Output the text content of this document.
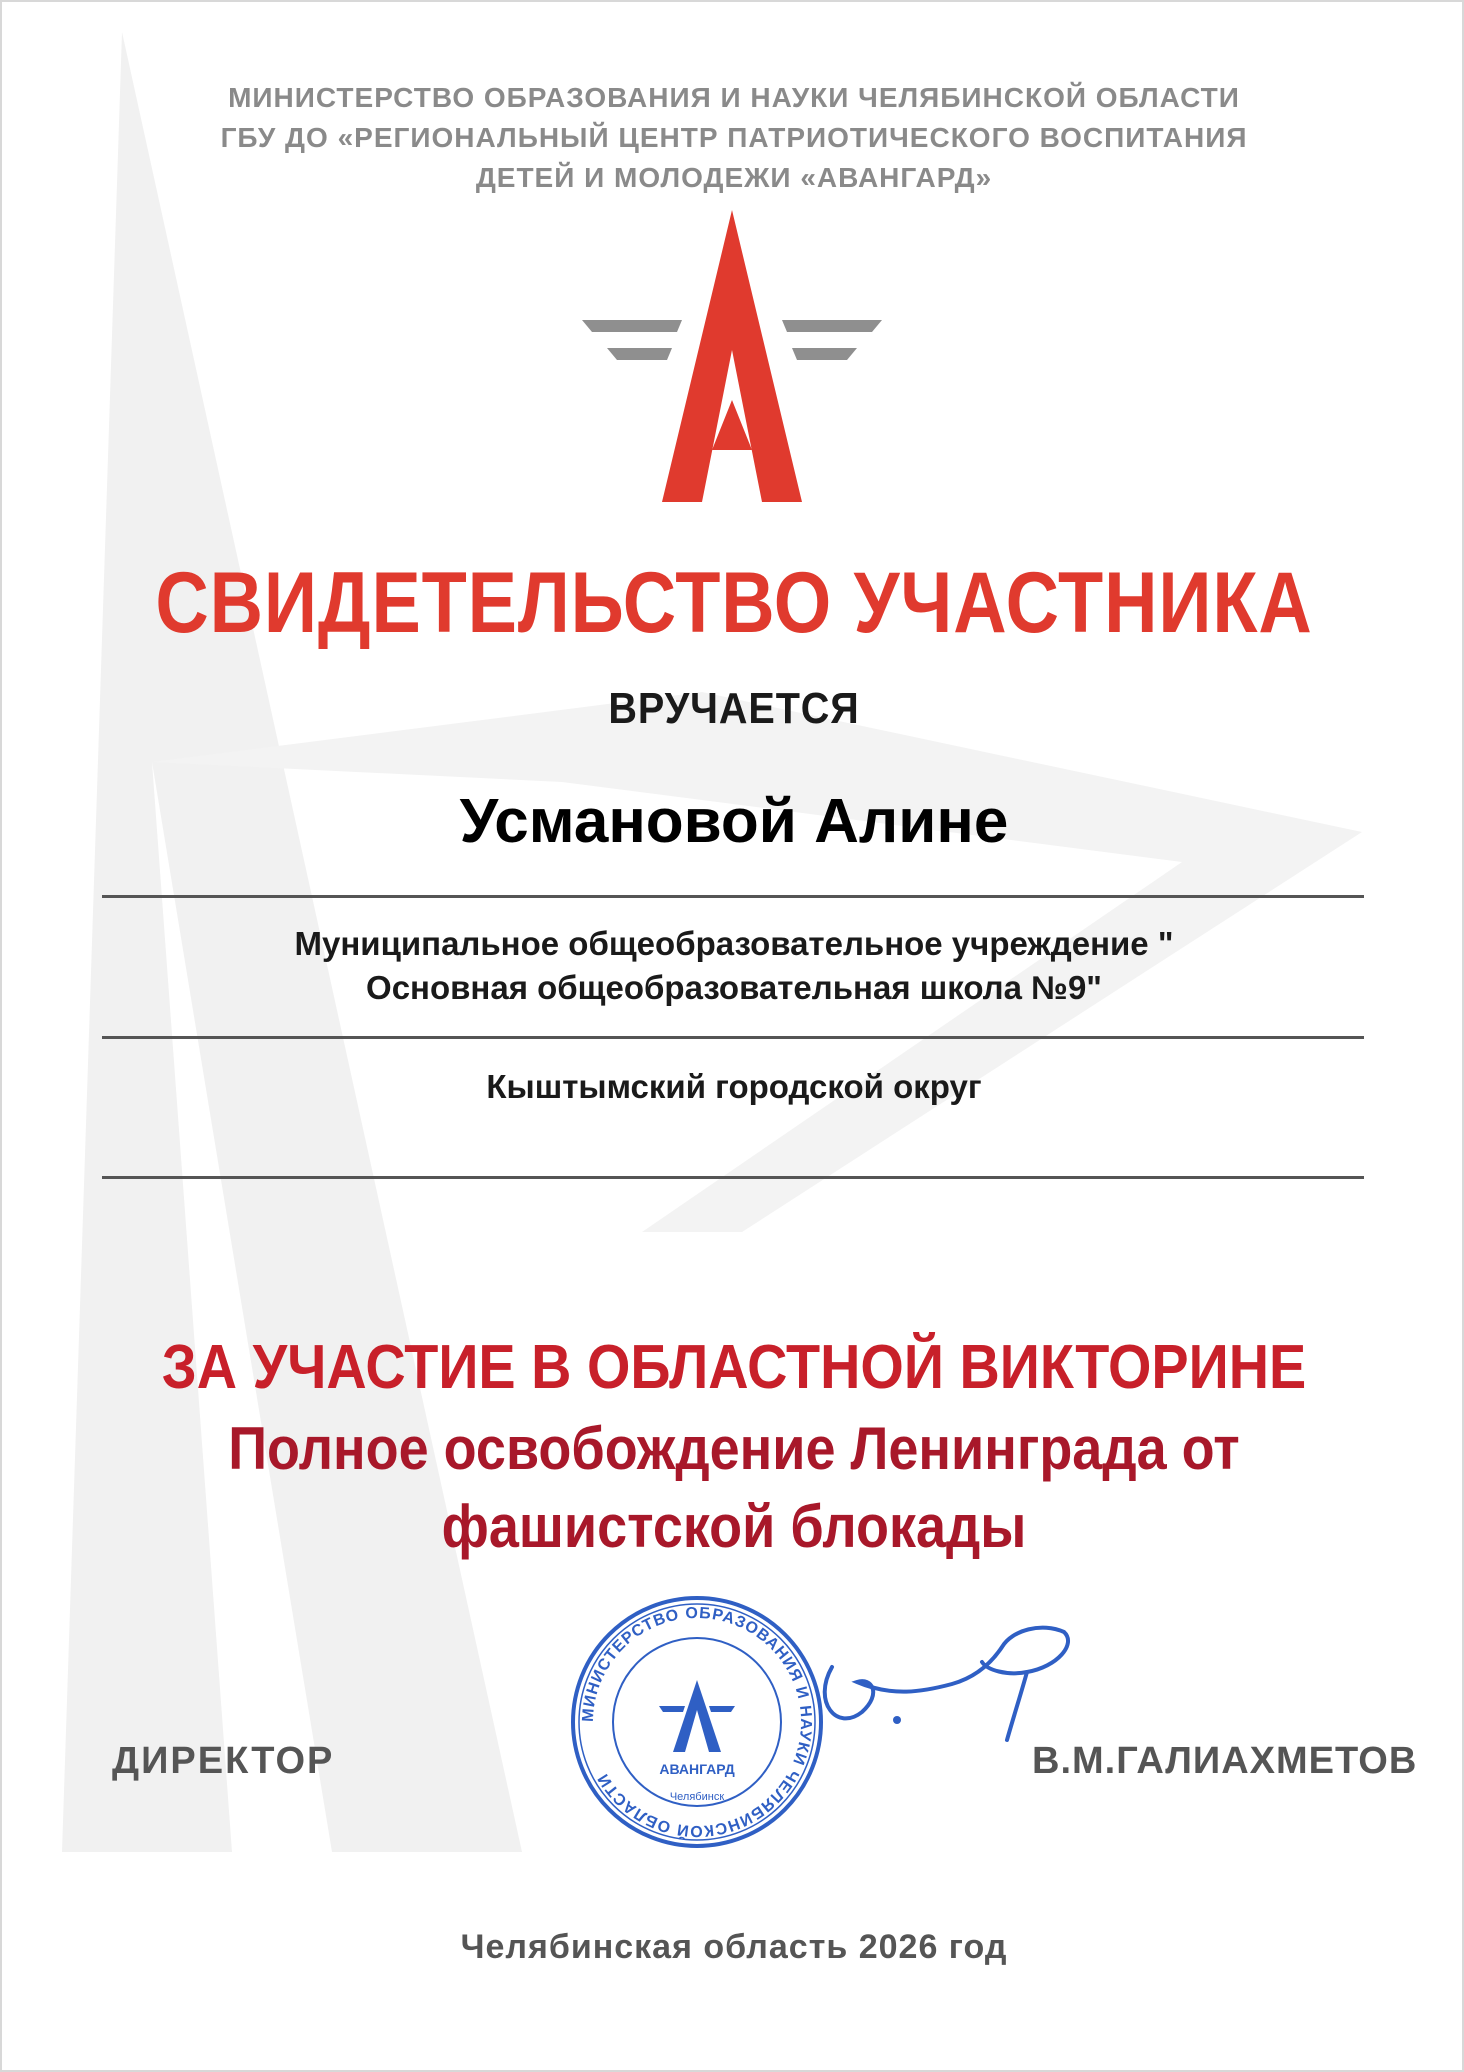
МИНИСТЕРСТВО ОБРАЗОВАНИЯ И НАУКИ ЧЕЛЯБИНСКОЙ ОБЛАСТИ
ГБУ ДО «РЕГИОНАЛЬНЫЙ ЦЕНТР ПАТРИОТИЧЕСКОГО ВОСПИТАНИЯ
ДЕТЕЙ И МОЛОДЕЖИ «АВАНГАРД»
СВИДЕТЕЛЬСТВО УЧАСТНИКА
ВРУЧАЕТСЯ
Усмановой Алине
Муниципальное общеобразовательное учреждение "
Основная общеобразовательная школа №9"
Кыштымский городской округ
ЗА УЧАСТИЕ В ОБЛАСТНОЙ ВИКТОРИНЕ
Полное освобождение Ленинграда от
фашистской блокады
ДИРЕКТОР
МИНИСТЕРСТВО ОБРАЗОВАНИЯ И НАУКИ ЧЕЛЯБИНСКОЙ ОБЛАСТИ
АВАНГАРД
Челябинск
В.М.ГАЛИАХМЕТОВ
Челябинская область 2026 год
